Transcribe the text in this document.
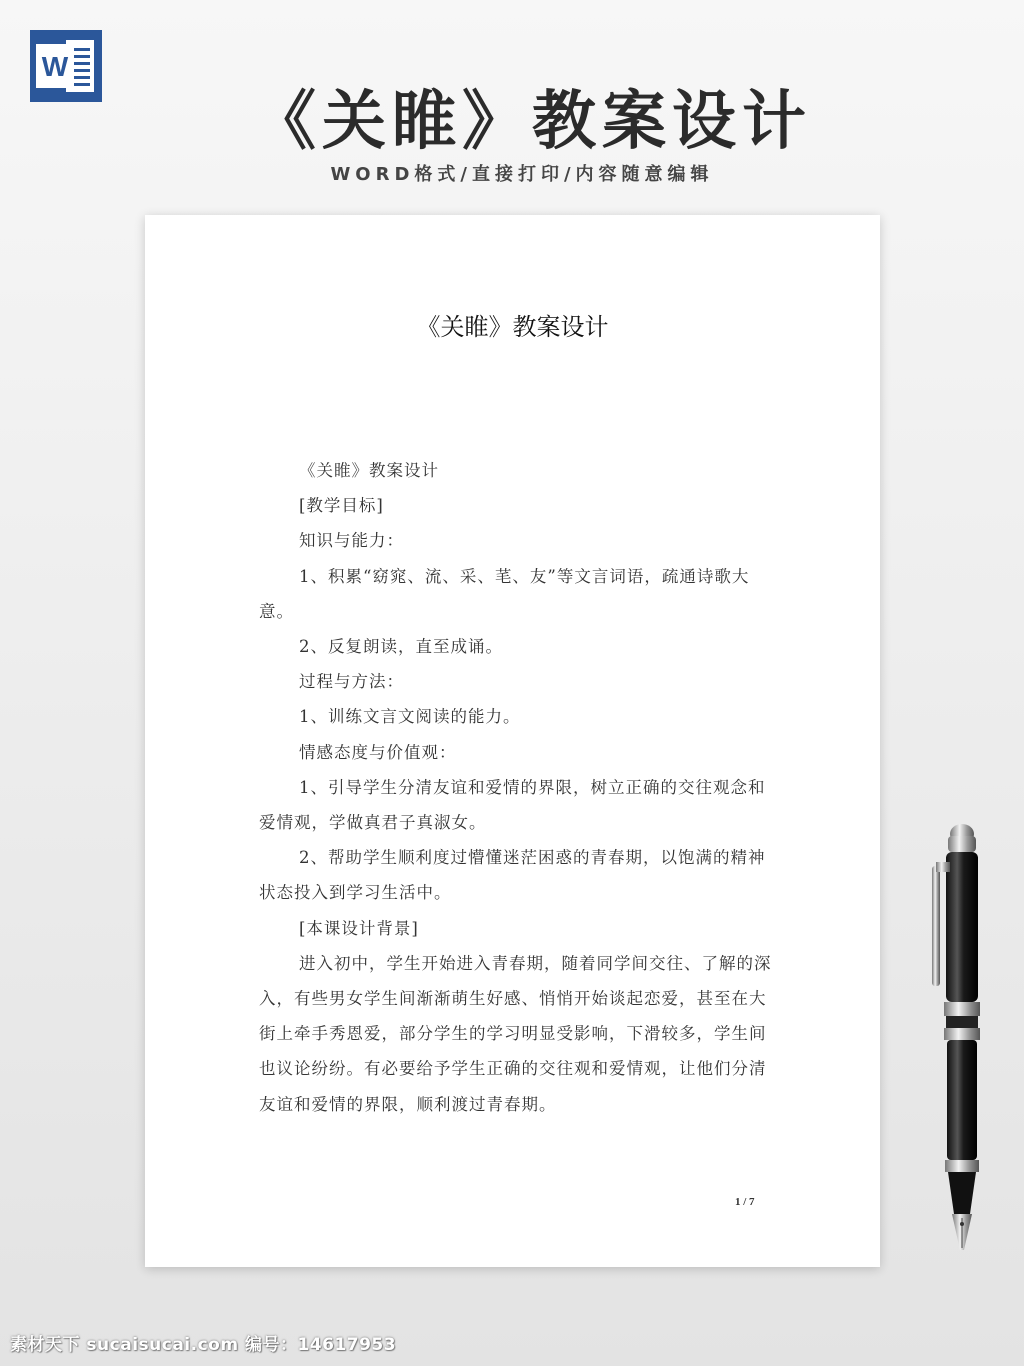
W
《关睢》教案设计
WORD格式/直接打印/内容随意编辑
《关睢》教案设计

《关睢》教案设计

[教学目标]

知识与能力：

1、积累“窈窕、流、采、芼、友”等文言词语，疏通诗歌大意。

2、反复朗读，直至成诵。

过程与方法：

1、训练文言文阅读的能力。

情感态度与价值观：

1、引导学生分清友谊和爱情的界限，树立正确的交往观念和爱情观，学做真君子真淑女。

2、帮助学生顺利度过懵懂迷茫困惑的青春期，以饱满的精神状态投入到学习生活中。

[本课设计背景]

进入初中，学生开始进入青春期，随着同学间交往、了解的深入，有些男女学生间渐渐萌生好感、悄悄开始谈起恋爱，甚至在大街上牵手秀恩爱，部分学生的学习明显受影响，下滑较多，学生间也议论纷纷。有必要给予学生正确的交往观和爱情观，让他们分清友谊和爱情的界限，顺利渡过青春期。

1 / 7
素材天下 sucaisucai.com 编号：14617953
